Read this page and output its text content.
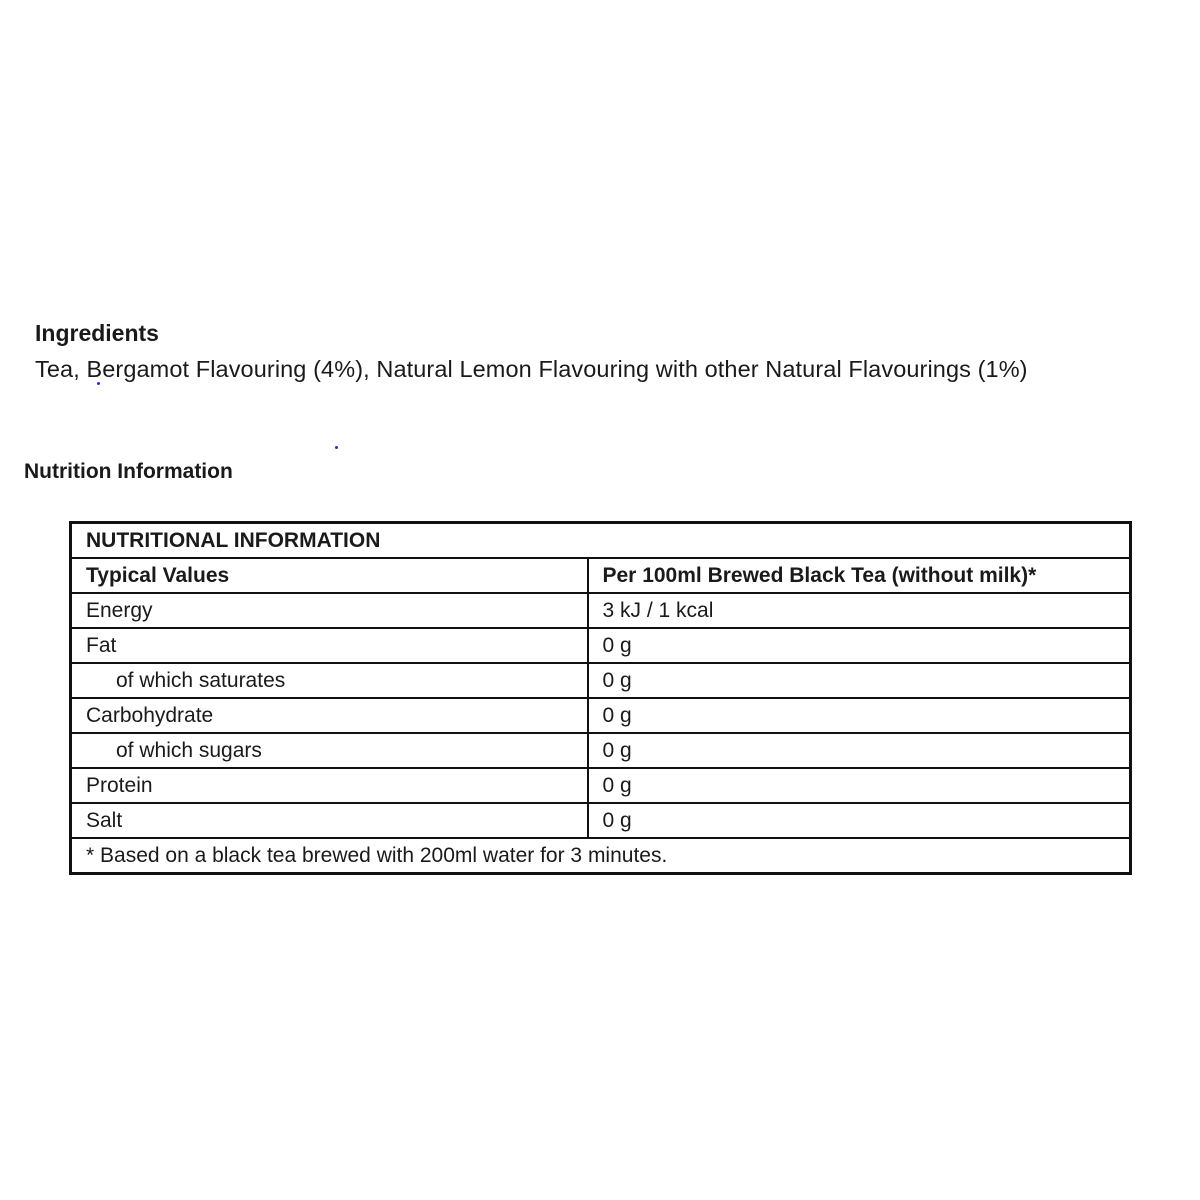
Ingredients

Tea, Bergamot Flavouring (4%), Natural Lemon Flavouring with other Natural Flavourings (1%)

Nutrition Information
NUTRITIONAL INFORMATION	
Typical Values	Per 100ml Brewed Black Tea (without milk)*
Energy	3 kJ / 1 kcal
Fat	0 g
of which saturates	0 g
Carbohydrate	0 g
of which sugars	0 g
Protein	0 g
Salt	0 g
* Based on a black tea brewed with 200ml water for 3 minutes.	
